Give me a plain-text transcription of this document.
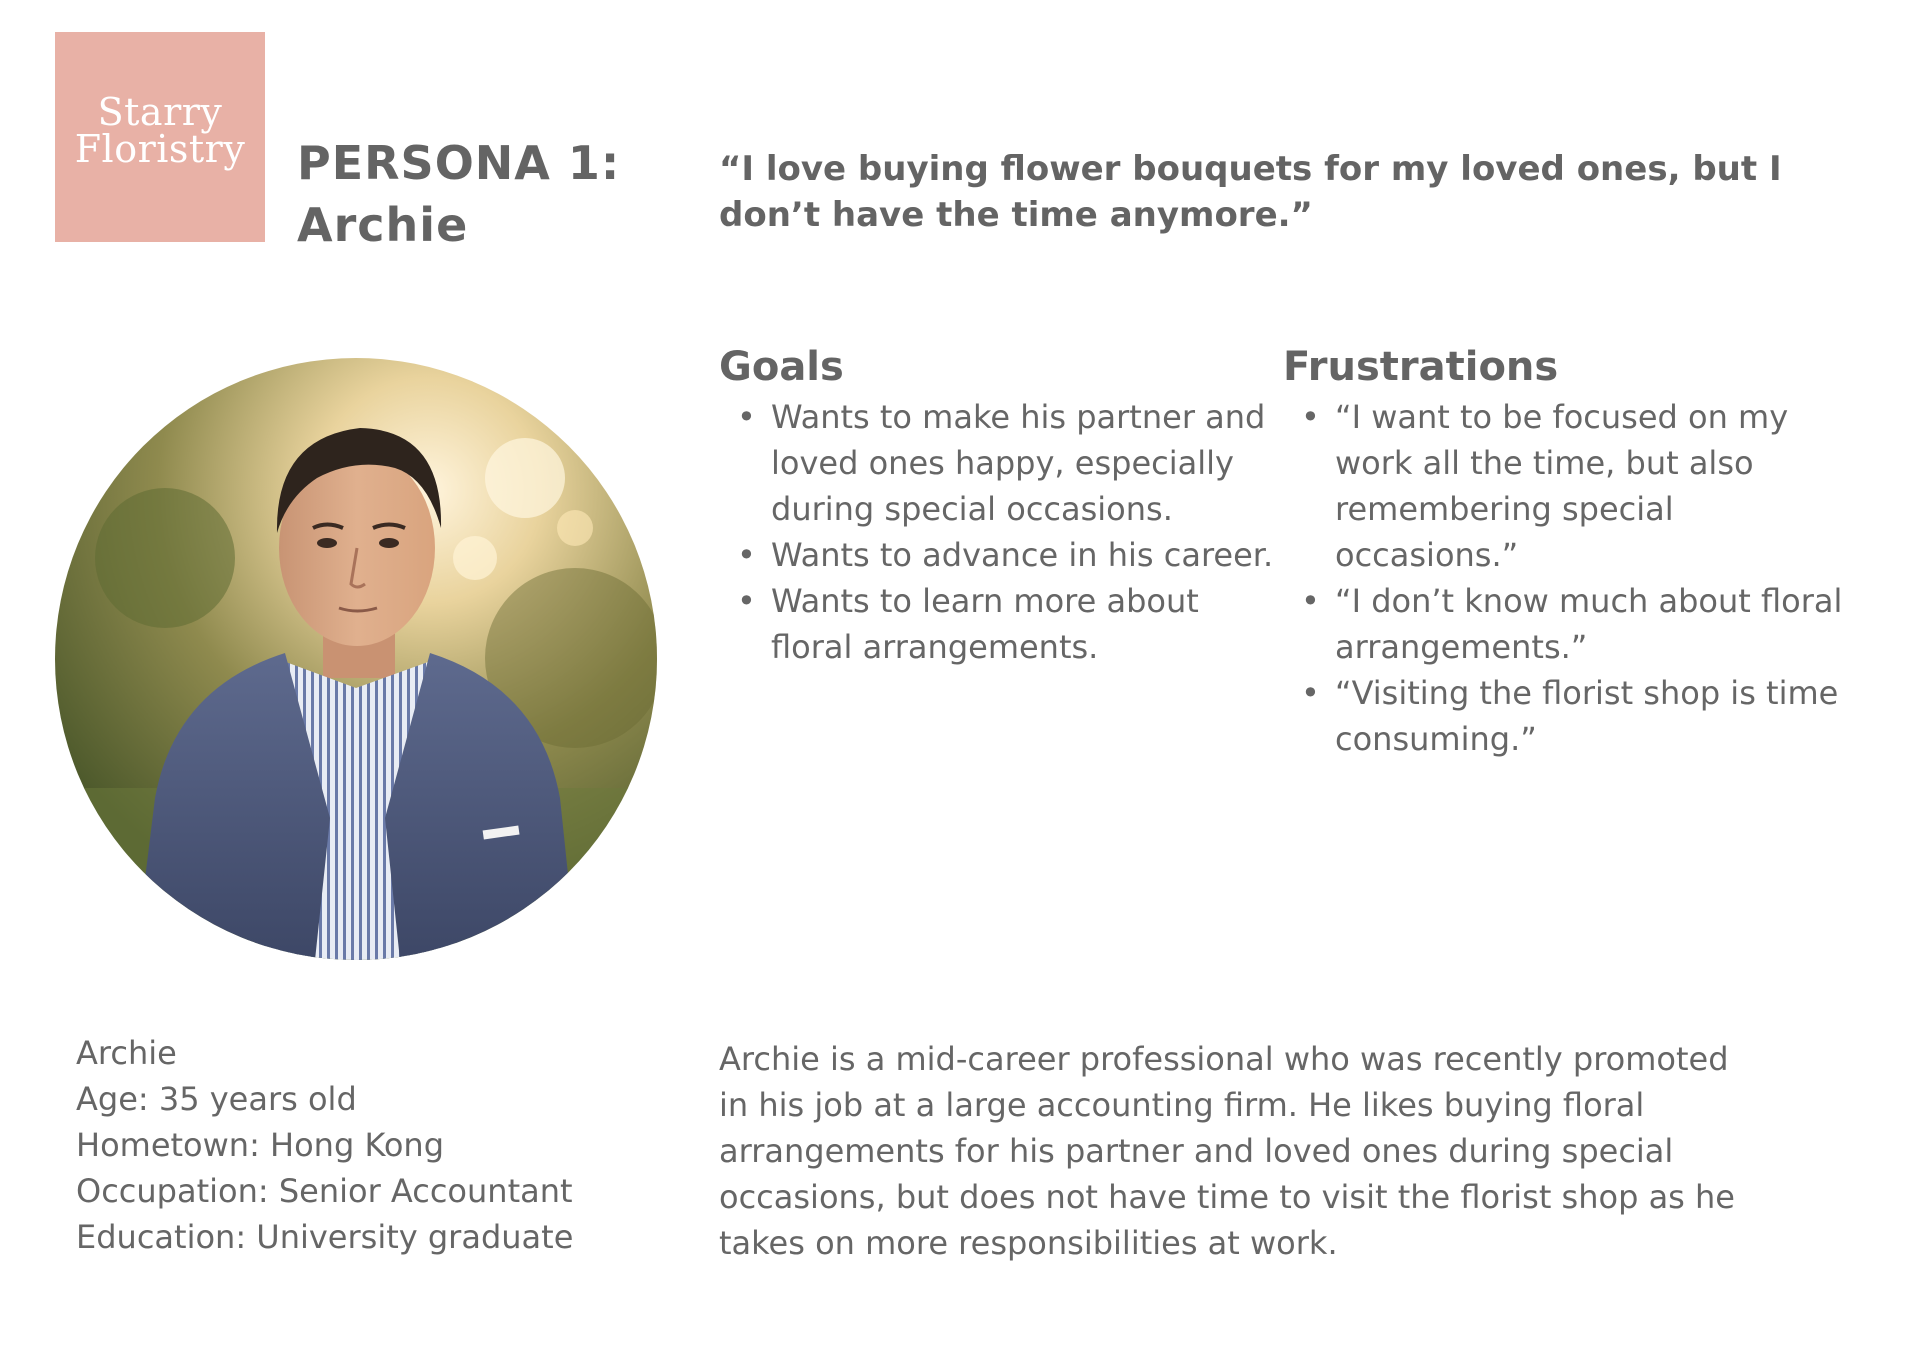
Starry
Floristry PERSONA 1:
Archie
“I love buying flower bouquets for my loved ones, but I don’t have the time anymore.”
Goals
• Wants to make his partner and loved ones happy, especially during special occasions.
• Wants to advance in his career.
• Wants to learn more about floral arrangements.
Frustrations
• “I want to be focused on my work all the time, but also remembering special occasions.”
• “I don’t know much about floral arrangements.”
• “Visiting the florist shop is time consuming.”
Archie
Age: 35 years old
Hometown: Hong Kong
Occupation: Senior Accountant
Education: University graduate
Archie is a mid-career professional who was recently promoted in his job at a large accounting firm. He likes buying floral arrangements for his partner and loved ones during special occasions, but does not have time to visit the florist shop as he takes on more responsibilities at work.
